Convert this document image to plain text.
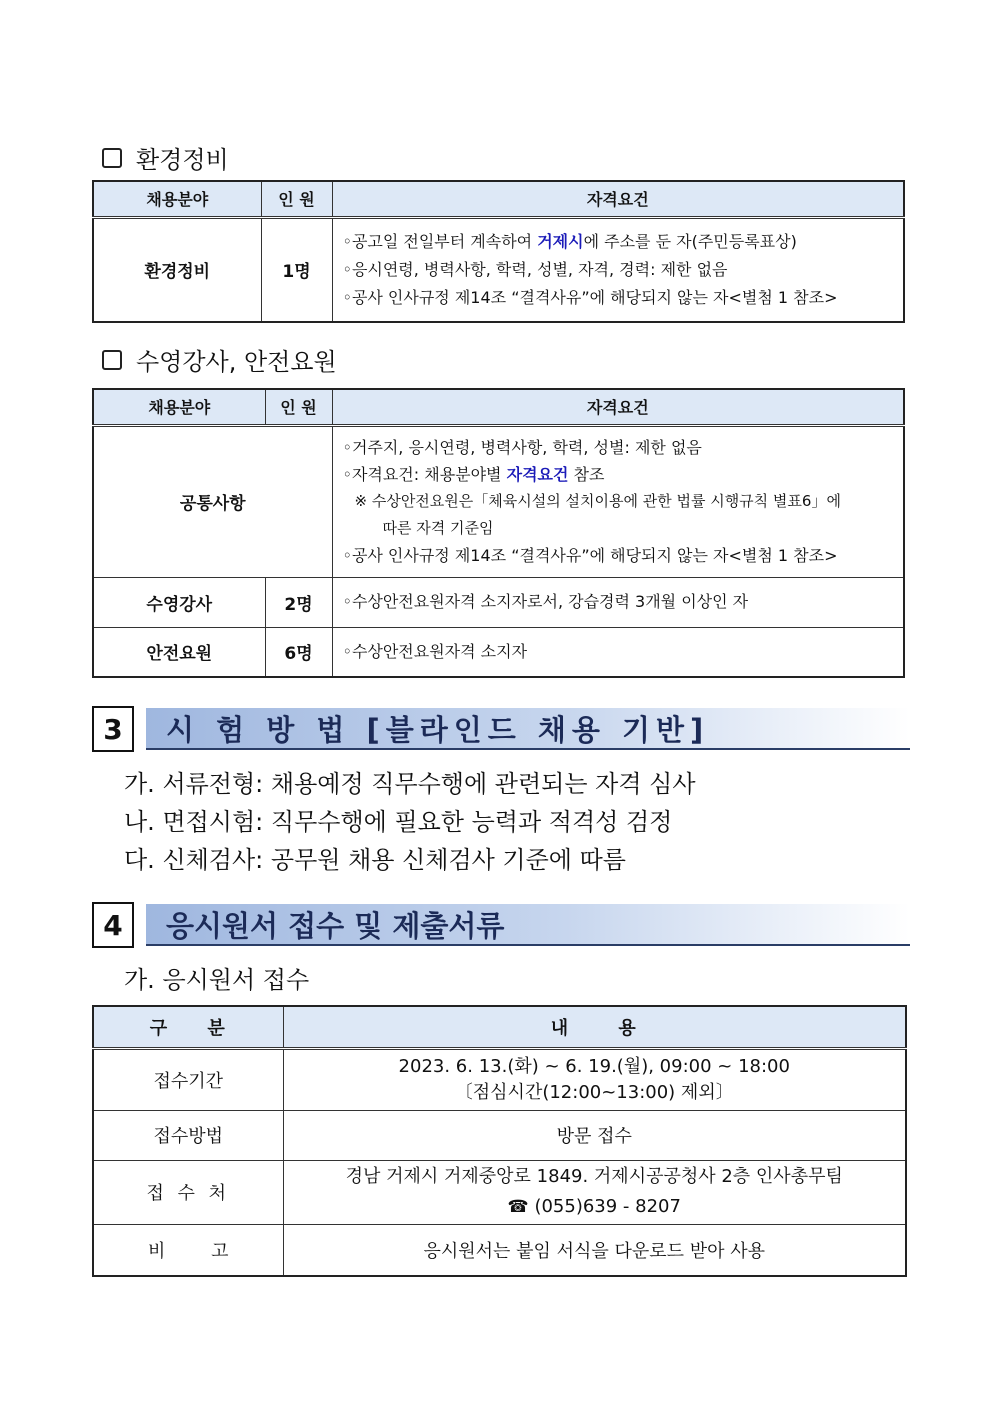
환경정비
채용분야	인 원	자격요건
환경정비	1명	◦공고일 전일부터 계속하여 거제시에 주소를 둔 자(주민등록표상)
◦응시연령, 병력사항, 학력, 성별, 자격, 경력: 제한 없음
◦공사 인사규정 제14조 “결격사유”에 해당되지 않는 자<별첨 1 참조>
수영강사, 안전요원
채용분야	인 원	자격요건
공통사항		◦거주지, 응시연령, 병력사항, 학력, 성별: 제한 없음
◦자격요건: 채용분야별 자격요건 참조
※ 수상안전요원은「체육시설의 설치이용에 관한 법률 시행규칙 별표6」에
따른 자격 기준임
◦공사 인사규정 제14조 “결격사유”에 해당되지 않는 자<별첨 1 참조>

수영강사	2명	◦수상안전요원자격 소지자로서, 강습경력 3개월 이상인 자
안전요원	6명	◦수상안전요원자격 소지자
3	시 험 방 법 [블라인드 채용 기반]
가. 서류전형: 채용예정 직무수행에 관련되는 자격 심사
나. 면접시험: 직무수행에 필요한 능력과 적격성 검정
다. 신체검사: 공무원 채용 신체검사 기준에 따름
4	응시원서 접수 및 제출서류
가. 응시원서 접수
구 분	내 용
접수기간	2023. 6. 13.(화) ~ 6. 19.(월), 09:00 ~ 18:00
〔점심시간(12:00~13:00) 제외〕

접수방법	방문 접수
접 수 처	경남 거제시 거제중앙로 1849. 거제시공공청사 2층 인사총무팀
☎ (055)639 - 8207

비 고	응시원서는 붙임 서식을 다운로드 받아 사용
